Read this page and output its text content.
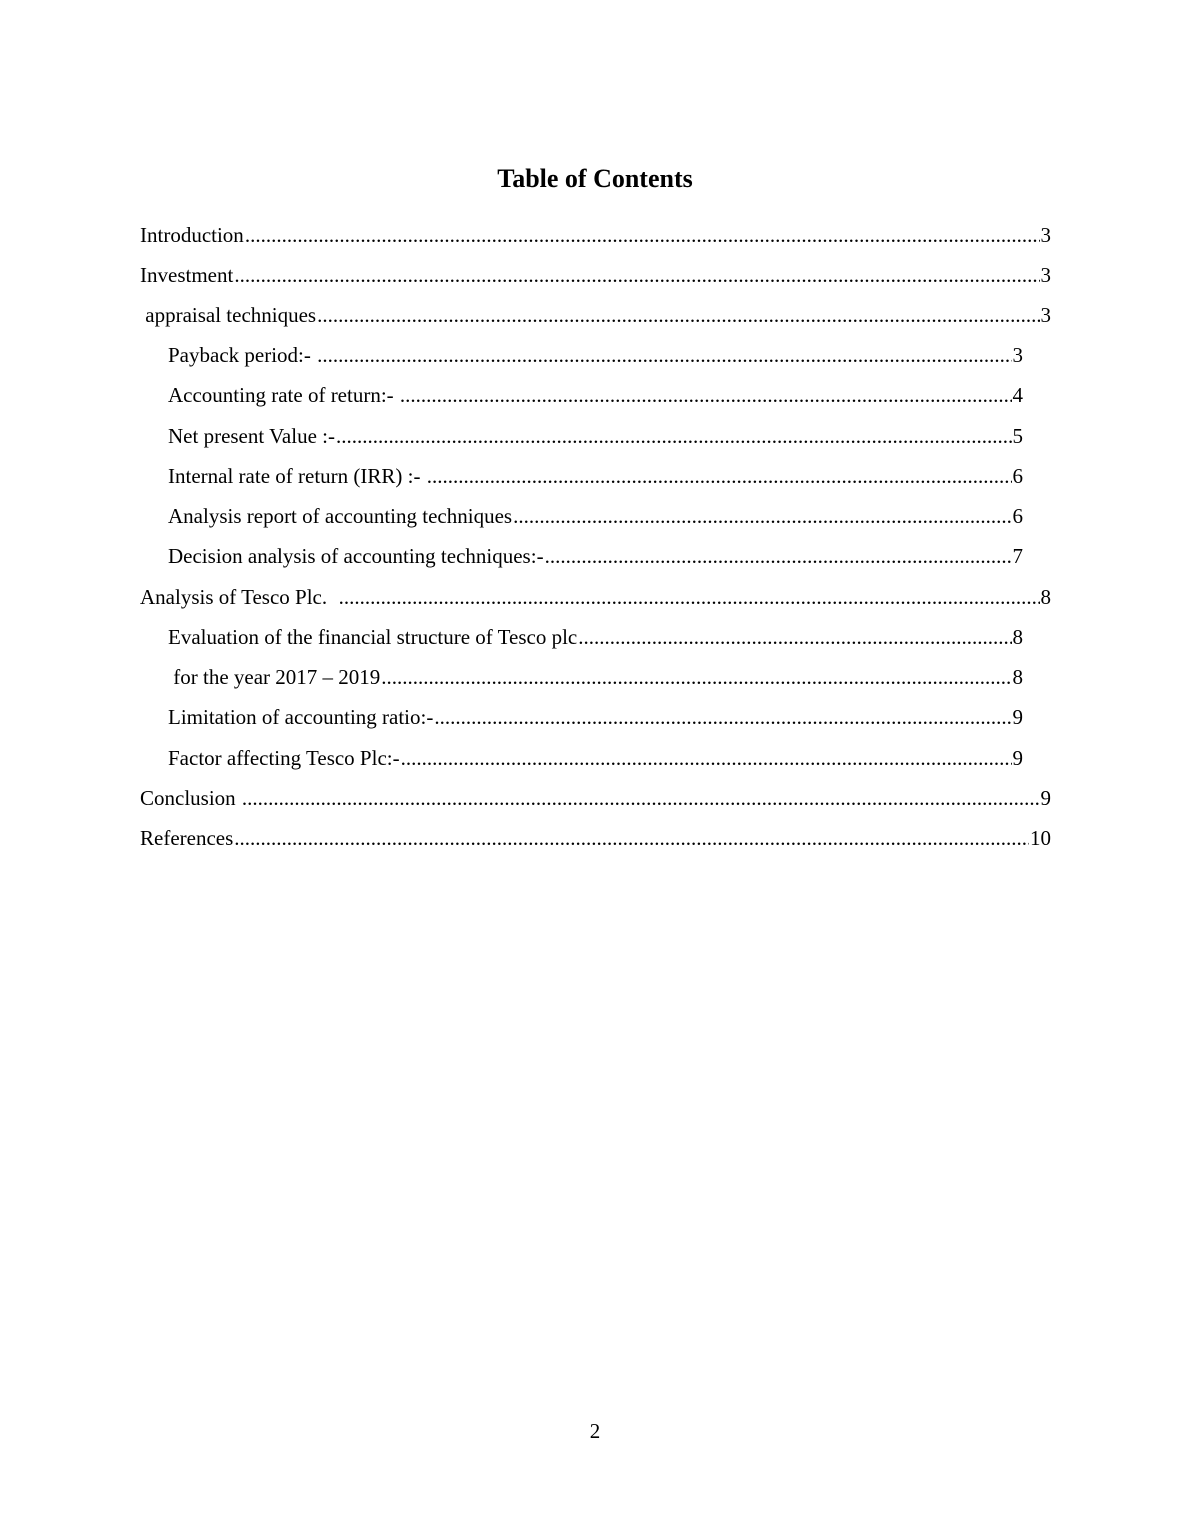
Table of Contents
Introduction .....	3
Investment .....	3
appraisal techniques .....	3
Payback period:- .....	3
Accounting rate of return:- .....	4
Net present Value :- .....	5
Internal rate of return (IRR) :- .....	6
Analysis report of accounting techniques .....	6
Decision analysis of accounting techniques:- .....	7
Analysis of Tesco Plc. .....	8
Evaluation of the financial structure of Tesco plc .....	8
for the year 2017 – 2019 .....	8
Limitation of accounting ratio:- .....	9
Factor affecting Tesco Plc:- .....	9
Conclusion .....	9
References .....	10
2
